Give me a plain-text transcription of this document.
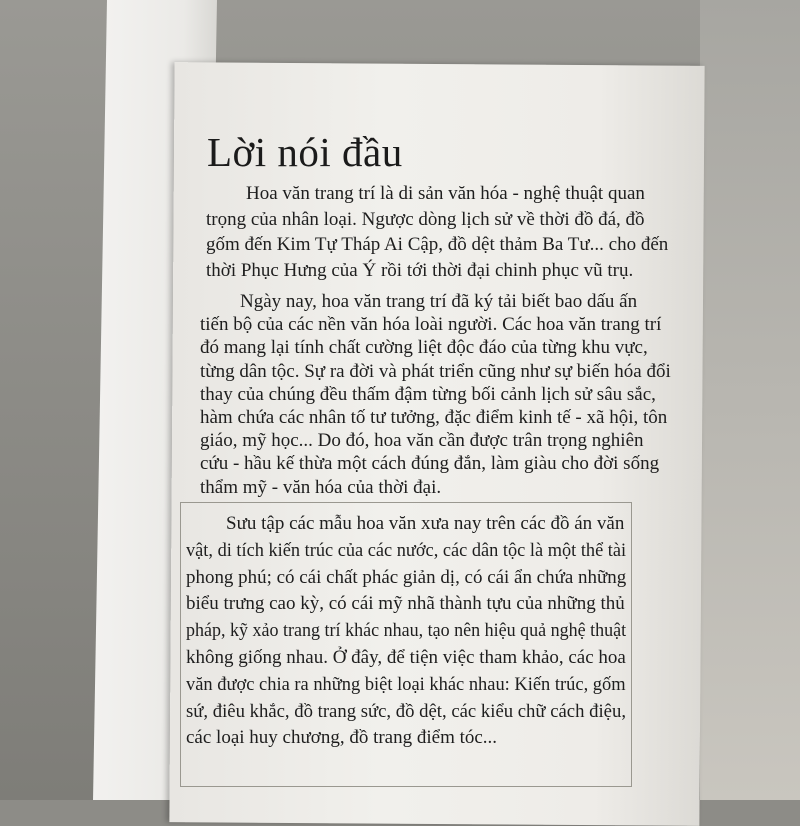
Lời nói đầu
Hoa văn trang trí là di sản văn hóa - nghệ thuật quan
trọng của nhân loại. Ngược dòng lịch sử về thời đồ đá, đồ
gốm đến Kim Tự Tháp Ai Cập, đồ dệt thảm Ba Tư... cho đến
thời Phục Hưng của Ý rồi tới thời đại chinh phục vũ trụ.
Ngày nay, hoa văn trang trí đã ký tải biết bao dấu ấn
tiến bộ của các nền văn hóa loài người. Các hoa văn trang trí
đó mang lại tính chất cường liệt độc đáo của từng khu vực,
từng dân tộc. Sự ra đời và phát triển cũng như sự biến hóa đổi
thay của chúng đều thấm đậm từng bối cảnh lịch sử sâu sắc,
hàm chứa các nhân tố tư tưởng, đặc điểm kinh tế - xã hội, tôn
giáo, mỹ học... Do đó, hoa văn cần được trân trọng nghiên
cứu - hầu kế thừa một cách đúng đắn, làm giàu cho đời sống
thẩm mỹ - văn hóa của thời đại.
Sưu tập các mẫu hoa văn xưa nay trên các đồ án văn
vật, di tích kiến trúc của các nước, các dân tộc là một thể tài
phong phú; có cái chất phác giản dị, có cái ẩn chứa những
biểu trưng cao kỳ, có cái mỹ nhã thành tựu của những thủ
pháp, kỹ xảo trang trí khác nhau, tạo nên hiệu quả nghệ thuật
không giống nhau. Ở đây, để tiện việc tham khảo, các hoa
văn được chia ra những biệt loại khác nhau: Kiến trúc, gốm
sứ, điêu khắc, đồ trang sức, đồ dệt, các kiểu chữ cách điệu,
các loại huy chương, đồ trang điểm tóc...
